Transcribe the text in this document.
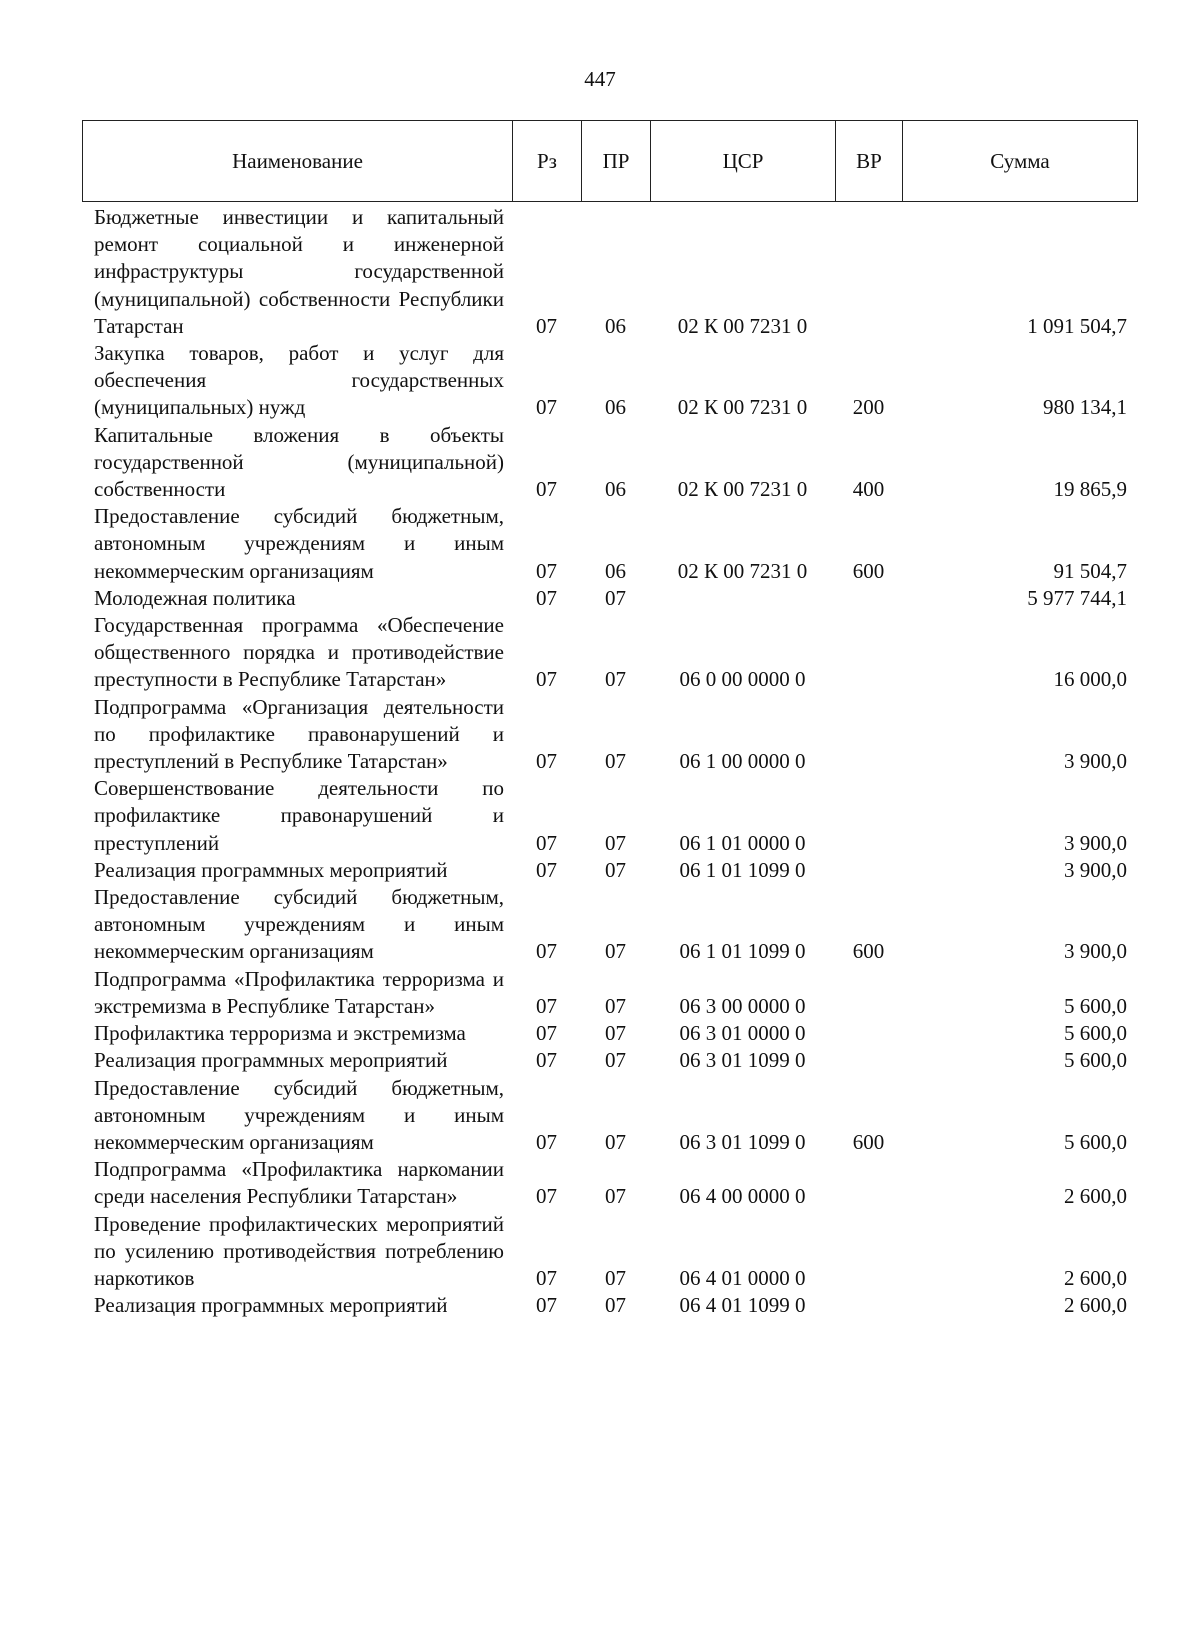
447
Наименование	Рз	ПР	ЦСР	ВР	Сумма
Бюджетные инвестиции и капитальный ремонт социальной и инженерной инфраструктуры государственной (муниципальной) собственности Республики Татарстан	07	06	02 К 00 7231 0		1 091 504,7

Закупка товаров, работ и услуг для обеспечения государственных (муниципальных) нужд	07	06	02 К 00 7231 0	200	980 134,1

Капитальные вложения в объекты государственной (муниципальной) собственности	07	06	02 К 00 7231 0	400	19 865,9

Предоставление субсидий бюджетным, автономным учреждениям и иным некоммерческим организациям	07	06	02 К 00 7231 0	600	91 504,7

Молодежная политика	07	07			5 977 744,1

Государственная программа «Обеспечение общественного порядка и противодействие преступности в Республике Татарстан»	07	07	06 0 00 0000 0		16 000,0

Подпрограмма «Организация деятельности по профилактике правонарушений и преступлений в Республике Татарстан»	07	07	06 1 00 0000 0		3 900,0

Совершенствование деятельности по профилактике правонарушений и преступлений	07	07	06 1 01 0000 0		3 900,0

Реализация программных мероприятий	07	07	06 1 01 1099 0		3 900,0

Предоставление субсидий бюджетным, автономным учреждениям и иным некоммерческим организациям	07	07	06 1 01 1099 0	600	3 900,0

Подпрограмма «Профилактика терроризма и экстремизма в Республике Татарстан»	07	07	06 3 00 0000 0		5 600,0

Профилактика терроризма и экстремизма	07	07	06 3 01 0000 0		5 600,0

Реализация программных мероприятий	07	07	06 3 01 1099 0		5 600,0

Предоставление субсидий бюджетным, автономным учреждениям и иным некоммерческим организациям	07	07	06 3 01 1099 0	600	5 600,0

Подпрограмма «Профилактика наркомании среди населения Республики Татарстан»	07	07	06 4 00 0000 0		2 600,0

Проведение профилактических мероприятий по усилению противодействия потреблению наркотиков	07	07	06 4 01 0000 0		2 600,0

Реализация программных мероприятий	07	07	06 4 01 1099 0		2 600,0
